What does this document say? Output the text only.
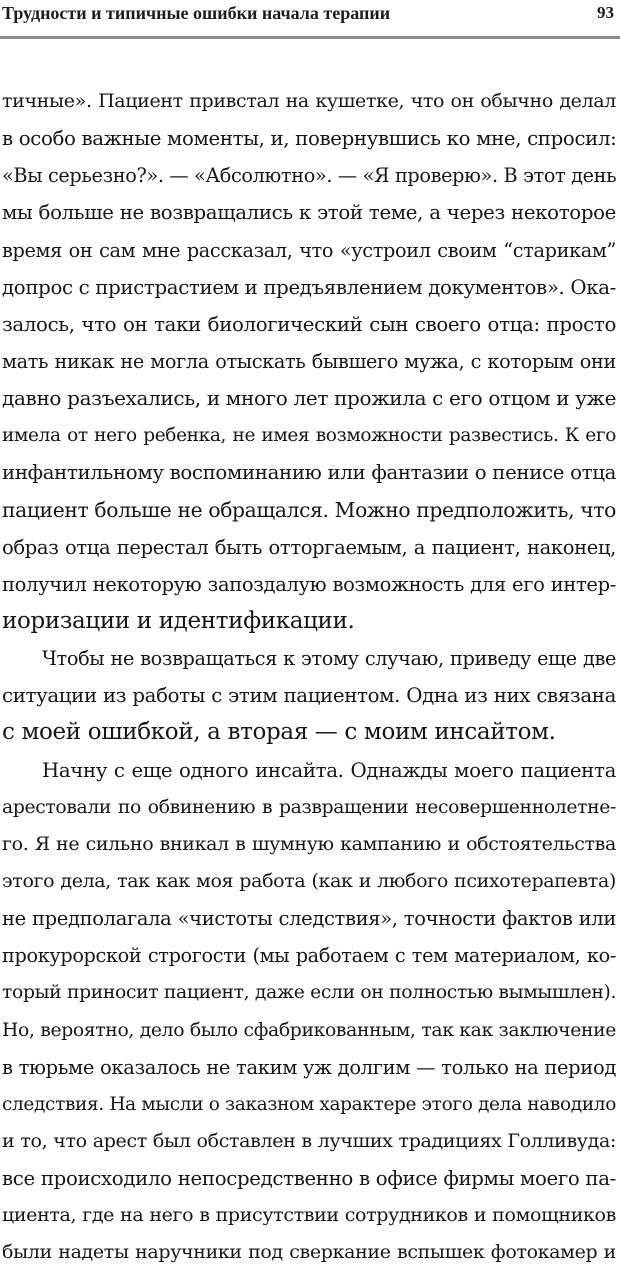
Трудности и типичные ошибки начала терапии	93
тичные». Пациент привстал на кушетке, что он обычно делал
в особо важные моменты, и, повернувшись ко мне, спросил:
«Вы серьезно?». — «Абсолютно». — «Я проверю». В этот день
мы больше не возвращались к этой теме, а через некоторое
время он сам мне рассказал, что «устроил своим “старикам”
допрос с пристрастием и предъявлением документов». Ока-
залось, что он таки биологический сын своего отца: просто
мать никак не могла отыскать бывшего мужа, с которым они
давно разъехались, и много лет прожила с его отцом и уже
имела от него ребенка, не имея возможности развестись. К его
инфантильному воспоминанию или фантазии о пенисе отца
пациент больше не обращался. Можно предположить, что
образ отца перестал быть отторгаемым, а пациент, наконец,
получил некоторую запоздалую возможность для его интер-
иоризации и идентификации.
Чтобы не возвращаться к этому случаю, приведу еще две
ситуации из работы с этим пациентом. Одна из них связана
с моей ошибкой, а вторая — с моим инсайтом.
Начну с еще одного инсайта. Однажды моего пациента
арестовали по обвинению в развращении несовершеннолетне-
го. Я не сильно вникал в шумную кампанию и обстоятельства
этого дела, так как моя работа (как и любого психотерапевта)
не предполагала «чистоты следствия», точности фактов или
прокурорской строгости (мы работаем с тем материалом, ко-
торый приносит пациент, даже если он полностью вымышлен).
Но, вероятно, дело было сфабрикованным, так как заключение
в тюрьме оказалось не таким уж долгим — только на период
следствия. На мысли о заказном характере этого дела наводило
и то, что арест был обставлен в лучших традициях Голливуда:
все происходило непосредственно в офисе фирмы моего па-
циента, где на него в присутствии сотрудников и помощников
были надеты наручники под сверкание вспышек фотокамер и
